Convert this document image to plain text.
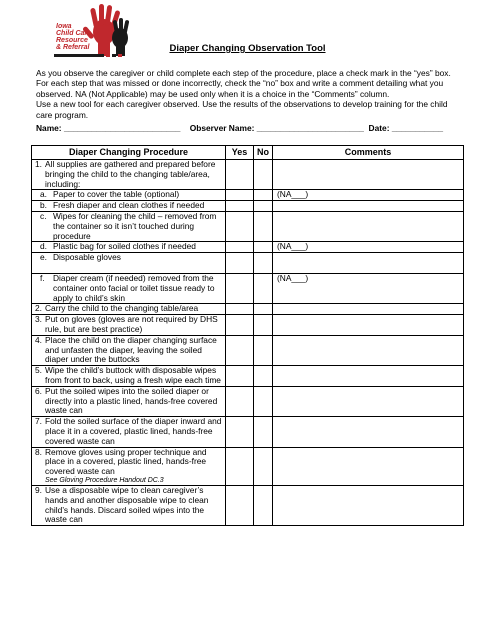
Iowa
Child Care
Resource
& Referral	Diaper Changing Observation Tool

As you observe the caregiver or child complete each step of the procedure, place a check mark in the “yes” box. For each step that was missed or done incorrectly, check the “no” box and write a comment detailing what you observed. NA (Not Applicable) may be used only when it is a choice in the “Comments” column.

Use a new tool for each caregiver observed. Use the results of the observations to develop training for the child care program.

Name: _________________________ Observer Name: _______________________ Date: ___________
Diaper Changing Procedure	Yes	No	Comments

1. All supplies are gathered and prepared before bringing the child to the changing table/area, including:			

a. Paper to cover the table (optional)			(NA___)

b. Fresh diaper and clean clothes if needed			

c. Wipes for cleaning the child – removed from the container so it isn’t touched during procedure			

d. Plastic bag for soiled clothes if needed			(NA___)

e. Disposable gloves			

f. Diaper cream (if needed) removed from the container onto facial or toilet tissue ready to apply to child’s skin			(NA___)

2. Carry the child to the changing table/area			

3. Put on gloves (gloves are not required by DHS rule, but are best practice)			

4. Place the child on the diaper changing surface and unfasten the diaper, leaving the soiled diaper under the buttocks			

5. Wipe the child’s buttock with disposable wipes from front to back, using a fresh wipe each time			

6. Put the soiled wipes into the soiled diaper or directly into a plastic lined, hands-free covered waste can			

7. Fold the soiled surface of the diaper inward and place it in a covered, plastic lined, hands-free covered waste can			

8. Remove gloves using proper technique and place in a covered, plastic lined, hands-free covered waste can
See Gloving Procedure Handout DC.3			

9. Use a disposable wipe to clean caregiver’s hands and another disposable wipe to clean child’s hands. Discard soiled wipes into the waste can			
